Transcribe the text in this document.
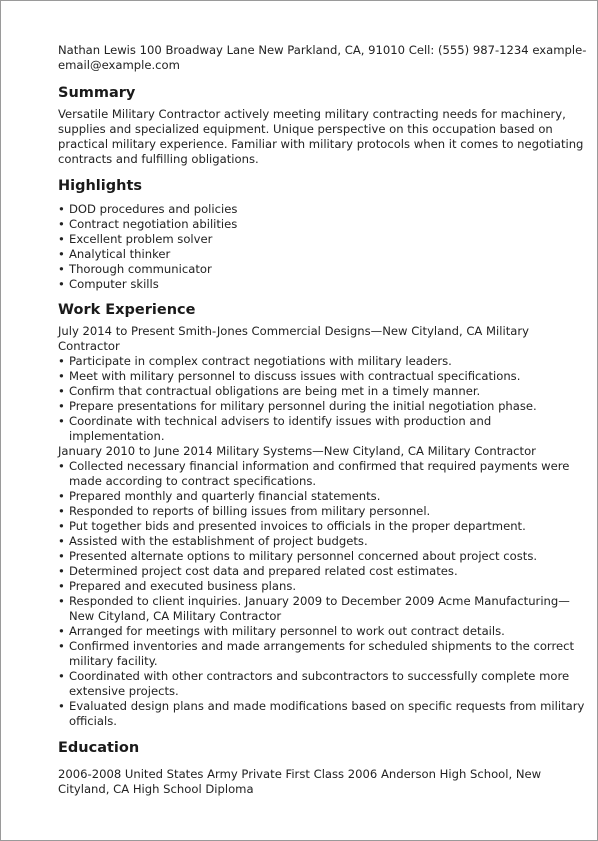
Nathan Lewis 100 Broadway Lane New Parkland, CA, 91010 Cell: (555) 987-1234 example-email@example.com

Summary

Versatile Military Contractor actively meeting military contracting needs for machinery, supplies and specialized equipment. Unique perspective on this occupation based on practical military experience. Familiar with military protocols when it comes to negotiating contracts and fulfilling obligations.

Highlights
• DOD procedures and policies
• Contract negotiation abilities
• Excellent problem solver
• Analytical thinker
• Thorough communicator
• Computer skills
Work Experience

July 2014 to Present Smith-Jones Commercial Designs—New Cityland, CA Military Contractor

• Participate in complex contract negotiations with military leaders.
• Meet with military personnel to discuss issues with contractual specifications.
• Confirm that contractual obligations are being met in a timely manner.
• Prepare presentations for military personnel during the initial negotiation phase.
• Coordinate with technical advisers to identify issues with production and implementation.

January 2010 to June 2014 Military Systems—New Cityland, CA Military Contractor

• Collected necessary financial information and confirmed that required payments were made according to contract specifications.
• Prepared monthly and quarterly financial statements.
• Responded to reports of billing issues from military personnel.
• Put together bids and presented invoices to officials in the proper department.
• Assisted with the establishment of project budgets.
• Presented alternate options to military personnel concerned about project costs.
• Determined project cost data and prepared related cost estimates.
• Prepared and executed business plans.
• Responded to client inquiries. January 2009 to December 2009 Acme Manufacturing—New Cityland, CA Military Contractor
• Arranged for meetings with military personnel to work out contract details.
• Confirmed inventories and made arrangements for scheduled shipments to the correct military facility.
• Coordinated with other contractors and subcontractors to successfully complete more extensive projects.
• Evaluated design plans and made modifications based on specific requests from military officials.
Education

2006-2008 United States Army Private First Class 2006 Anderson High School, New Cityland, CA High School Diploma
